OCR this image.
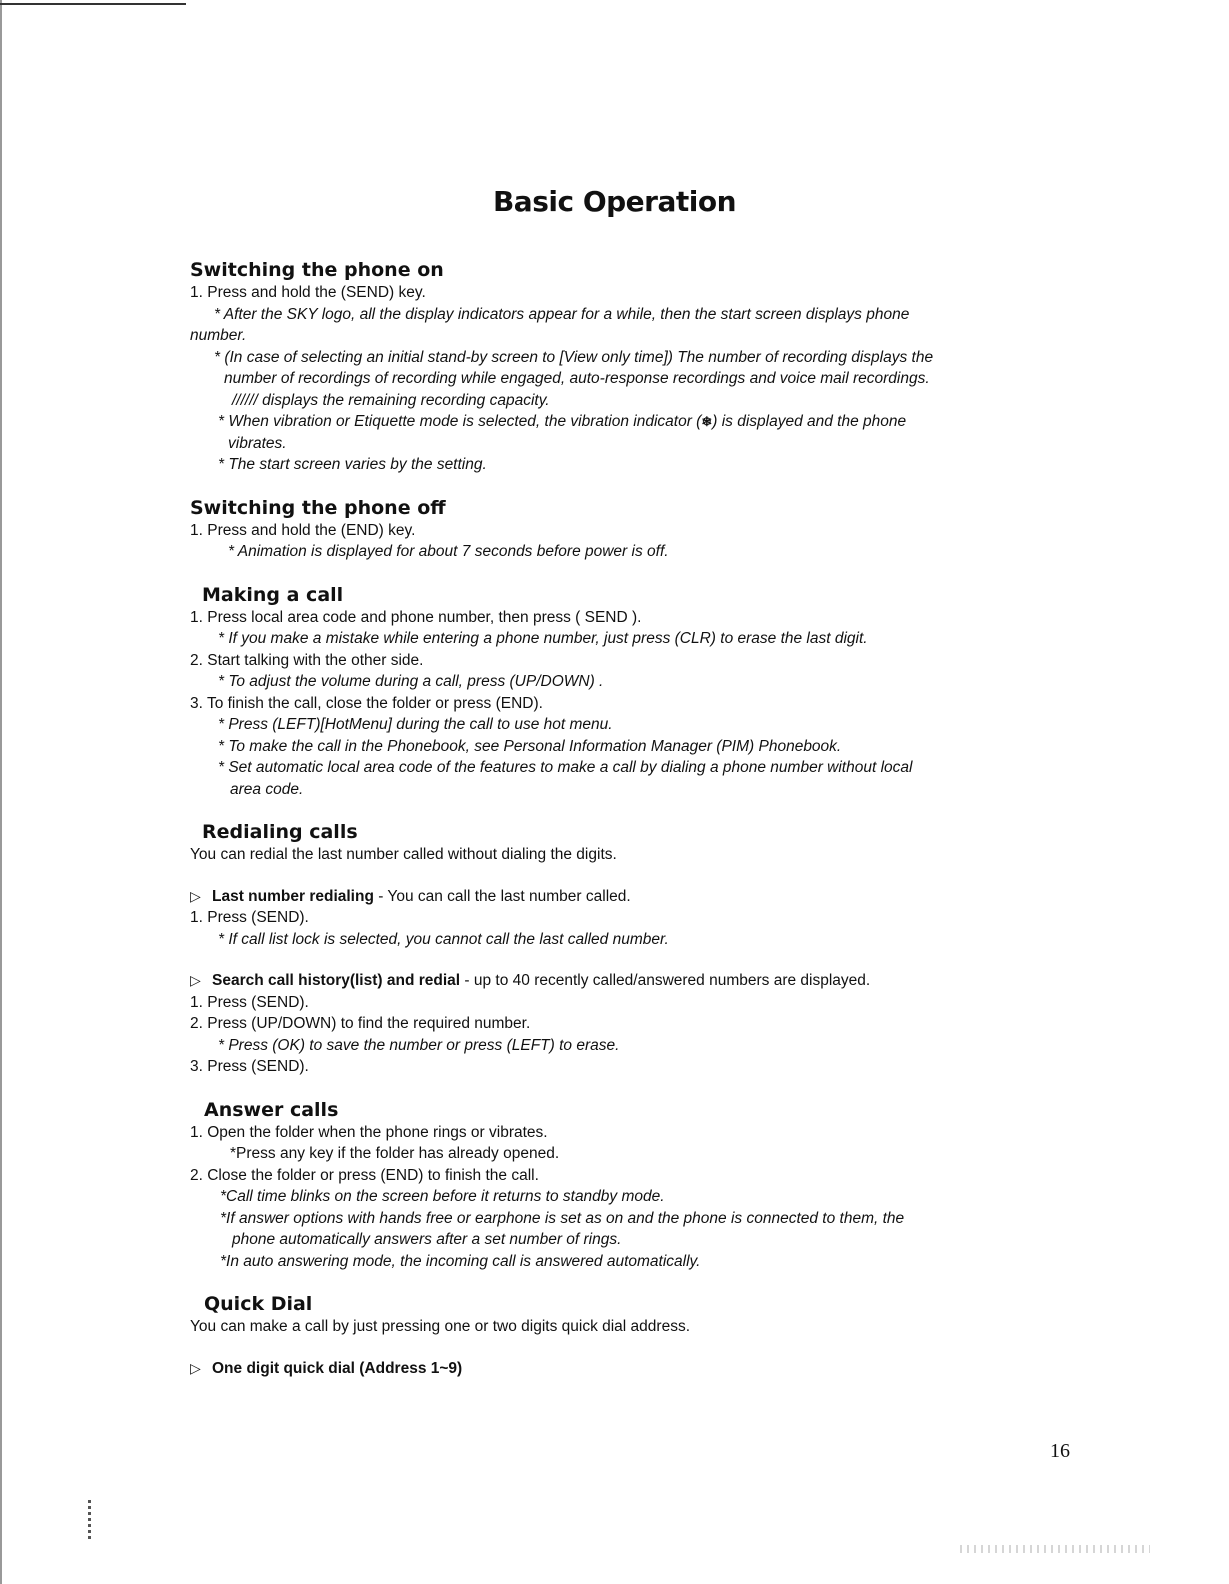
Basic Operation
Switching the phone on

1. Press and hold the (SEND) key.

* After the SKY logo, all the display indicators appear for a while, then the start screen displays phone

number.

* (In case of selecting an initial stand-by screen to [View only time]) The number of recording displays the

number of recordings of recording while engaged, auto-response recordings and voice mail recordings.

////// displays the remaining recording capacity.

* When vibration or Etiquette mode is selected, the vibration indicator (❄) is displayed and the phone

vibrates.

* The start screen varies by the setting.

Switching the phone off

1. Press and hold the (END) key.

* Animation is displayed for about 7 seconds before power is off.

Making a call

1. Press local area code and phone number, then press ( SEND ).

* If you make a mistake while entering a phone number, just press (CLR) to erase the last digit.

2. Start talking with the other side.

* To adjust the volume during a call, press (UP/DOWN) .

3. To finish the call, close the folder or press (END).

* Press (LEFT)[HotMenu] during the call to use hot menu.

* To make the call in the Phonebook, see Personal Information Manager (PIM) Phonebook.

* Set automatic local area code of the features to make a call by dialing a phone number without local

area code.

Redialing calls

You can redial the last number called without dialing the digits.

▷ Last number redialing - You can call the last number called.

1. Press (SEND).

* If call list lock is selected, you cannot call the last called number.

▷ Search call history(list) and redial - up to 40 recently called/answered numbers are displayed.

1. Press (SEND).

2. Press (UP/DOWN) to find the required number.

* Press (OK) to save the number or press (LEFT) to erase.

3. Press (SEND).

Answer calls

1. Open the folder when the phone rings or vibrates.

*Press any key if the folder has already opened.

2. Close the folder or press (END) to finish the call.

*Call time blinks on the screen before it returns to standby mode.

*If answer options with hands free or earphone is set as on and the phone is connected to them, the

phone automatically answers after a set number of rings.

*In auto answering mode, the incoming call is answered automatically.

Quick Dial

You can make a call by just pressing one or two digits quick dial address.

▷ One digit quick dial (Address 1~9)

16
